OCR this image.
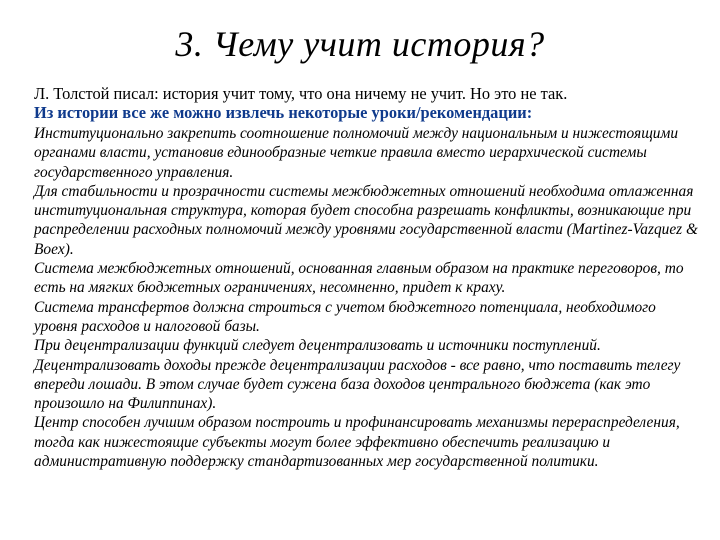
3. Чему учит история?
Л. Толстой писал: история учит тому, что она ничему не учит. Но это не так.
Из истории все же можно извлечь некоторые уроки/рекомендации:

Институционально закрепить соотношение полномочий между национальным и нижестоящими органами власти, установив единообразные четкие правила вместо иерархической системы государственного управления.

Для стабильности и прозрачности системы межбюджетных отношений необходима отлаженная институциональная структура, которая будет способна разрешать конфликты, возникающие при распределении расходных полномочий между уровнями государственной власти (Martinez-Vazquez & Boex).

Система межбюджетных отношений, основанная главным образом на практике переговоров, то есть на мягких бюджетных ограничениях, несомненно, придет к краху.

Система трансфертов должна строиться с учетом бюджетного потенциала, необходимого уровня расходов и налоговой базы.

При децентрализации функций следует децентрализовать и источники поступлений.

Децентрализовать доходы прежде децентрализации расходов - все равно, что поставить телегу впереди лошади. В этом случае будет сужена база доходов центрального бюджета (как это произошло на Филиппинах).

Центр способен лучшим образом построить и профинансировать механизмы перераспределения, тогда как нижестоящие субъекты могут более эффективно обеспечить реализацию и административную поддержку стандартизованных мер государственной политики.
